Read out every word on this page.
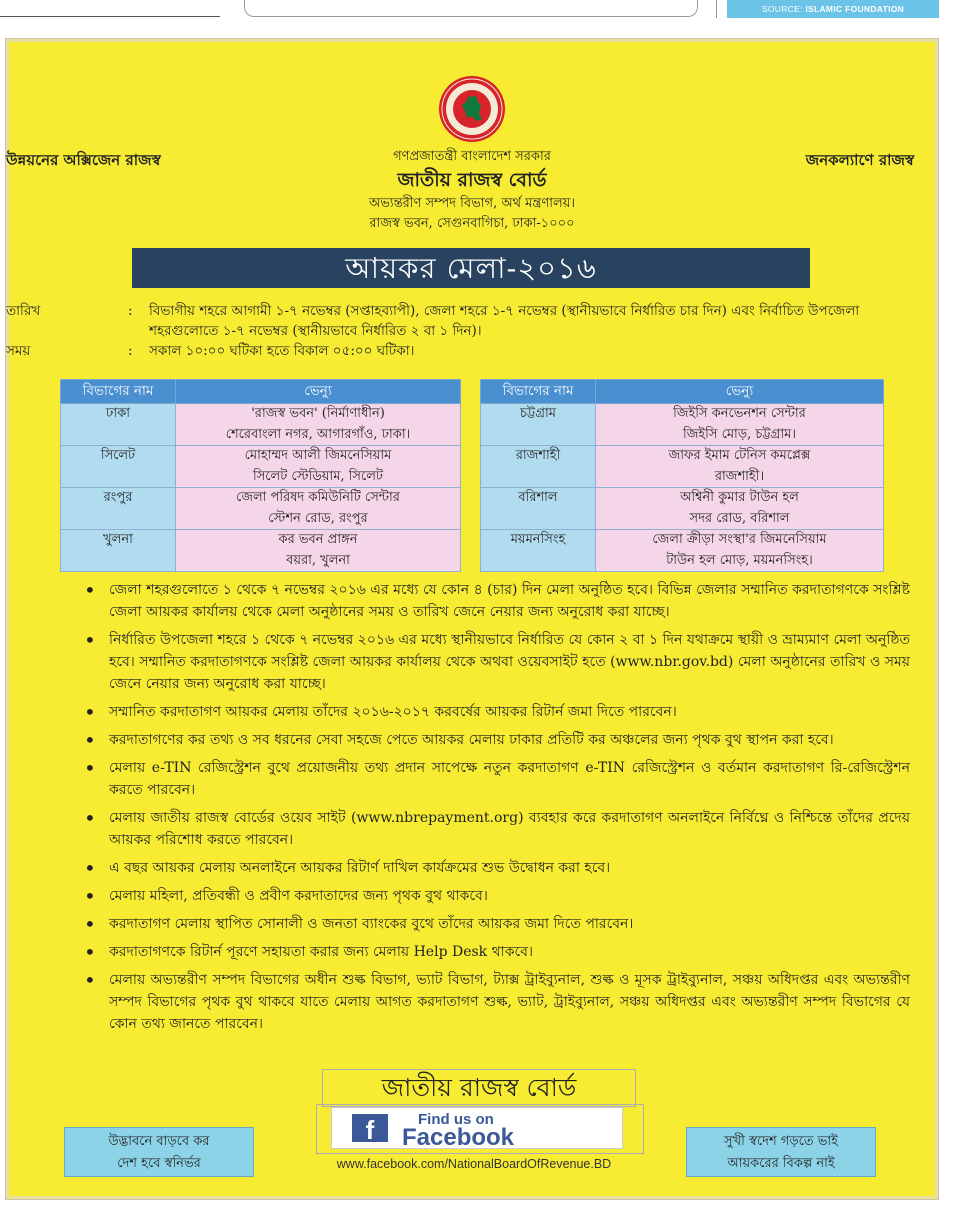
SOURCE: ISLAMIC FOUNDATION
উন্নয়নের অক্সিজেন রাজস্ব	জনকল্যাণে রাজস্ব
গণপ্রজাতন্ত্রী বাংলাদেশ সরকার
জাতীয় রাজস্ব বোর্ড
অভ্যন্তরীণ সম্পদ বিভাগ, অর্থ মন্ত্রণালয়।
রাজস্ব ভবন, সেগুনবাগিচা, ঢাকা-১০০০
আয়কর মেলা-২০১৬
তারিখ	: বিভাগীয় শহরে আগামী ১-৭ নভেম্বর (সপ্তাহব্যাপী), জেলা শহরে ১-৭ নভেম্বর (স্থানীয়ভাবে নির্ধারিত চার দিন) এবং নির্বাচিত উপজেলা শহরগুলোতে ১-৭ নভেম্বর (স্থানীয়ভাবে নির্ধারিত ২ বা ১ দিন)।
সময়	: সকাল ১০:০০ ঘটিকা হতে বিকাল ০৫:০০ ঘটিকা।
বিভাগের নাম	ভেন্যু
ঢাকা	'রাজস্ব ভবন' (নির্মাণাধীন)
শেরেবাংলা নগর, আগারগাঁও, ঢাকা।

সিলেট	মোহাম্মদ আলী জিমনেসিয়াম
সিলেট স্টেডিয়াম, সিলেট

রংপুর	জেলা পরিষদ কমিউনিটি সেন্টার
স্টেশন রোড, রংপুর

খুলনা	কর ভবন প্রাঙ্গন
বয়রা, খুলনা
বিভাগের নাম	ভেন্যু
চট্টগ্রাম	জিইসি কনভেনশন সেন্টার
জিইসি মোড়, চট্টগ্রাম।

রাজশাহী	জাফর ইমাম টেনিস কমপ্লেক্স
রাজশাহী।

বরিশাল	অশ্বিনী কুমার টাউন হল
সদর রোড, বরিশাল

ময়মনসিংহ	জেলা ক্রীড়া সংস্থা'র জিমনেসিয়াম
টাউন হল মোড়, ময়মনসিংহ।
• জেলা শহরগুলোতে ১ থেকে ৭ নভেম্বর ২০১৬ এর মধ্যে যে কোন ৪ (চার) দিন মেলা অনুষ্ঠিত হবে। বিভিন্ন জেলার সম্মানিত করদাতাগণকে সংশ্লিষ্ট জেলা আয়কর কার্যালয় থেকে মেলা অনুষ্ঠানের সময় ও তারিখ জেনে নেয়ার জন্য অনুরোধ করা যাচ্ছে।
• নির্ধারিত উপজেলা শহরে ১ থেকে ৭ নভেম্বর ২০১৬ এর মধ্যে স্থানীয়ভাবে নির্ধারিত যে কোন ২ বা ১ দিন যথাক্রমে স্থায়ী ও ভ্রাম্যমাণ মেলা অনুষ্ঠিত হবে। সম্মানিত করদাতাগণকে সংশ্লিষ্ট জেলা আয়কর কার্যালয় থেকে অথবা ওয়েবসাইট হতে (www.nbr.gov.bd) মেলা অনুষ্ঠানের তারিখ ও সময় জেনে নেয়ার জন্য অনুরোধ করা যাচ্ছে।
• সম্মানিত করদাতাগণ আয়কর মেলায় তাঁদের ২০১৬-২০১৭ করবর্ষের আয়কর রিটার্ন জমা দিতে পারবেন।
• করদাতাগণের কর তথ্য ও সব ধরনের সেবা সহজে পেতে আয়কর মেলায় ঢাকার প্রতিটি কর অঞ্চলের জন্য পৃথক বুথ স্থাপন করা হবে।
• মেলায় e-TIN রেজিস্ট্রেশন বুথে প্রয়োজনীয় তথ্য প্রদান সাপেক্ষে নতুন করদাতাগণ e-TIN রেজিস্ট্রেশন ও বর্তমান করদাতাগণ রি-রেজিস্ট্রেশন করতে পারবেন।
• মেলায় জাতীয় রাজস্ব বোর্ডের ওয়েব সাইট (www.nbrepayment.org) ব্যবহার করে করদাতাগণ অনলাইনে নির্বিঘ্নে ও নিশ্চিন্তে তাঁদের প্রদেয় আয়কর পরিশোধ করতে পারবেন।
• এ বছর আয়কর মেলায় অনলাইনে আয়কর রিটার্ণ দাখিল কার্যক্রমের শুভ উদ্বোধন করা হবে।
• মেলায় মহিলা, প্রতিবন্ধী ও প্রবীণ করদাতাদের জন্য পৃথক বুথ থাকবে।
• করদাতাগণ মেলায় স্থাপিত সোনালী ও জনতা ব্যাংকের বুথে তাঁদের আয়কর জমা দিতে পারবেন।
• করদাতাগণকে রিটার্ন পূরণে সহায়তা করার জন্য মেলায় Help Desk থাকবে।
• মেলায় অভ্যন্তরীণ সম্পদ বিভাগের অধীন শুল্ক বিভাগ, ভ্যাট বিভাগ, ট্যাক্স ট্রাইব্যুনাল, শুল্ক ও মূসক ট্রাইব্যুনাল, সঞ্চয় অধিদপ্তর এবং অভ্যন্তরীণ সম্পদ বিভাগের পৃথক বুথ থাকবে যাতে মেলায় আগত করদাতাগণ শুল্ক, ভ্যাট, ট্রাইব্যুনাল, সঞ্চয় অধিদপ্তর এবং অভ্যন্তরীণ সম্পদ বিভাগের যে কোন তথ্য জানতে পারবেন।
জাতীয় রাজস্ব বোর্ড
f	Find us on
Facebook
www.facebook.com/NationalBoardOfRevenue.BD
উদ্ভাবনে বাড়বে কর
দেশ হবে স্বনির্ভর
সুখী স্বদেশ গড়তে ভাই
আয়করের বিকল্প নাই
